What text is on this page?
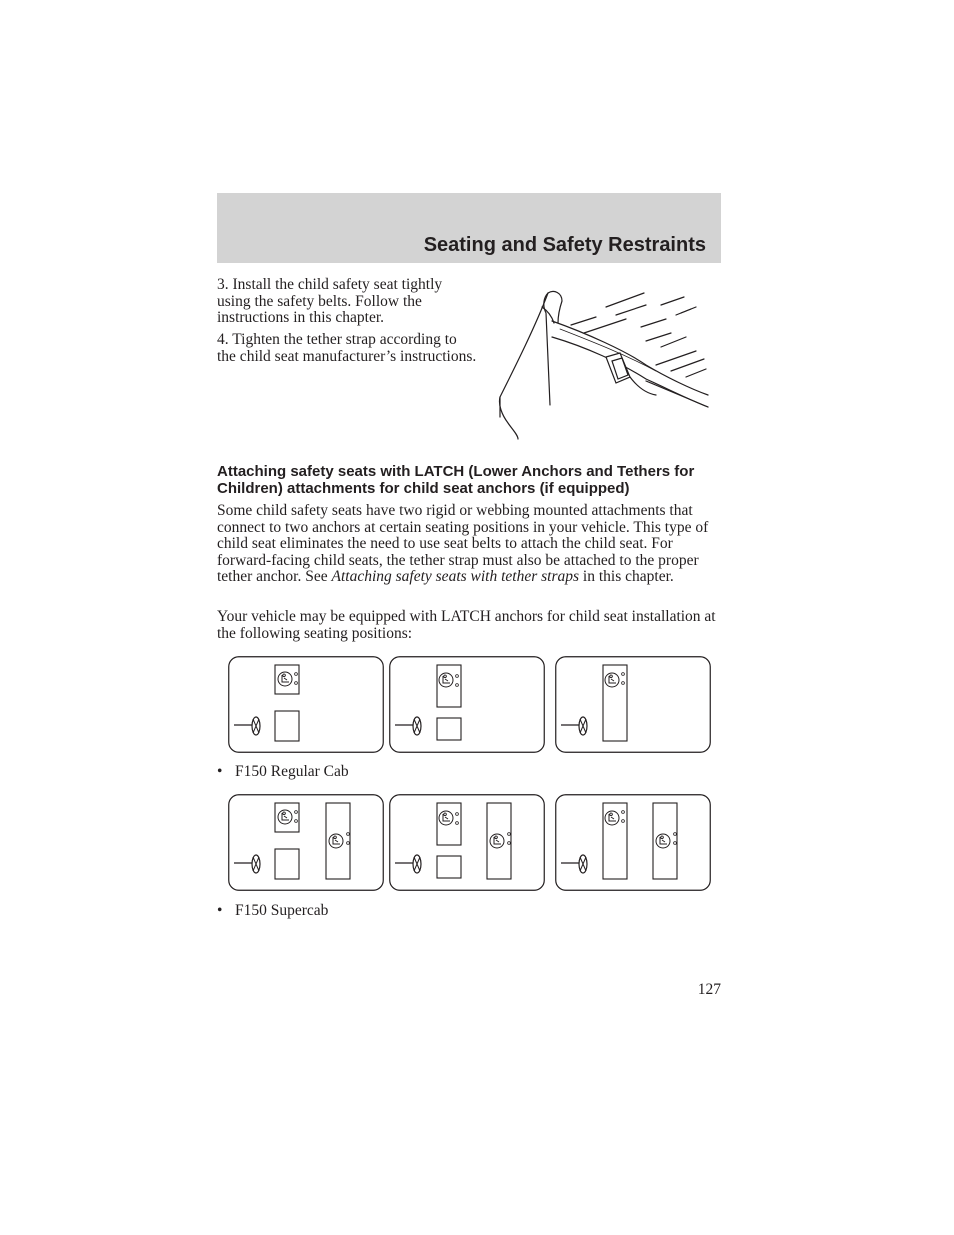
Seating and Safety Restraints

3. Install the child safety seat tightly using the safety belts. Follow the instructions in this chapter.

4. Tighten the tether strap according to the child seat manufacturer’s instructions.

Attaching safety seats with LATCH (Lower Anchors and Tethers for Children) attachments for child seat anchors (if equipped)

Some child safety seats have two rigid or webbing mounted attachments that connect to two anchors at certain seating positions in your vehicle. This type of child seat eliminates the need to use seat belts to attach the child seat. For forward-facing child seats, the tether strap must also be attached to the proper tether anchor. See Attaching safety seats with tether straps in this chapter.

Your vehicle may be equipped with LATCH anchors for child seat installation at the following seating positions:

• F150 Regular Cab

• F150 Supercab

127
